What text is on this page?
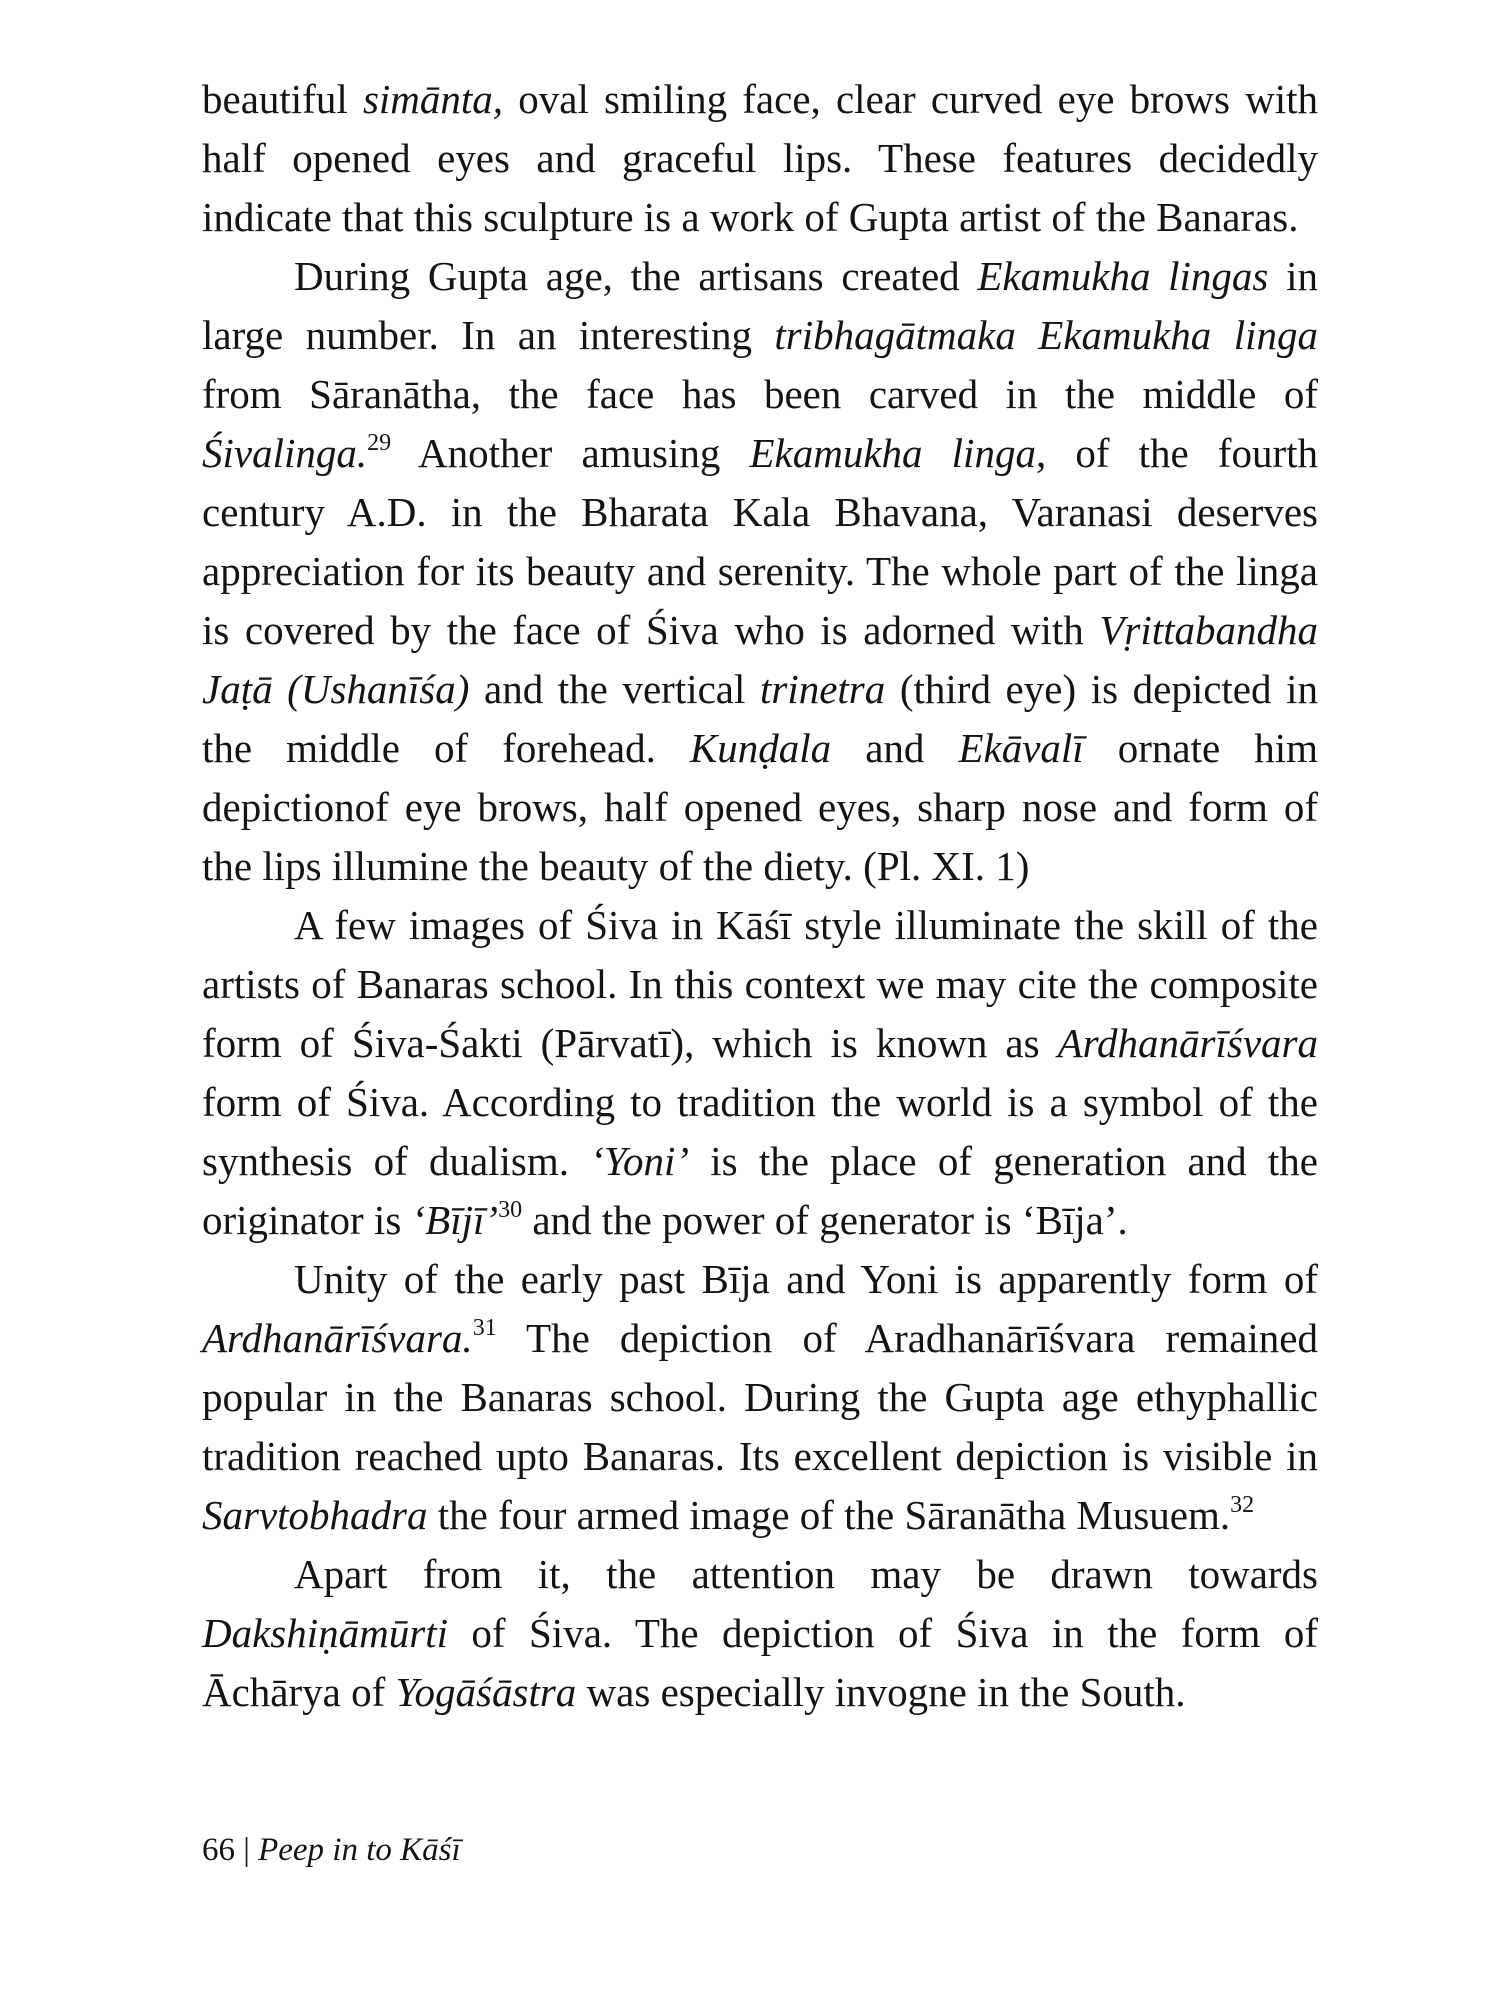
beautiful simānta, oval smiling face, clear curved eye brows with half opened eyes and graceful lips. These features decidedly indicate that this sculpture is a work of Gupta artist of the Banaras.

During Gupta age, the artisans created Ekamukha lingas in large number. In an interesting tribhagātmaka Ekamukha linga from Sāranātha, the face has been carved in the middle of Śivalinga.$^{29}$ Another amusing Ekamukha linga, of the fourth century A.D. in the Bharata Kala Bhavana, Varanasi deserves appreciation for its beauty and serenity. The whole part of the linga is covered by the face of Śiva who is adorned with Vṛittabandha Jaṭā (Ushanīśa) and the vertical trinetra (third eye) is depicted in the middle of forehead. Kunḍala and Ekāvalī ornate him depictionof eye brows, half opened eyes, sharp nose and form of the lips illumine the beauty of the diety. (Pl. XI. 1)

A few images of Śiva in Kāśī style illuminate the skill of the artists of Banaras school. In this context we may cite the composite form of Śiva-Śakti (Pārvatī), which is known as Ardhanārīśvara form of Śiva. According to tradition the world is a symbol of the synthesis of dualism. ‘Yoni’ is the place of generation and the originator is ‘Bījī’$^{30}$ and the power of generator is ‘Bīja’.

Unity of the early past Bīja and Yoni is apparently form of Ardhanārīśvara.$^{31}$ The depiction of Aradhanārīśvara remained popular in the Banaras school. During the Gupta age ethyphallic tradition reached upto Banaras. Its excellent depiction is visible in Sarvtobhadra the four armed image of the Sāranātha Musuem.$^{32}$

Apart from it, the attention may be drawn towards Dakshiṇāmūrti of Śiva. The depiction of Śiva in the form of Āchārya of Yogāśāstra was especially invogne in the South.

66 | Peep in to Kāśī
